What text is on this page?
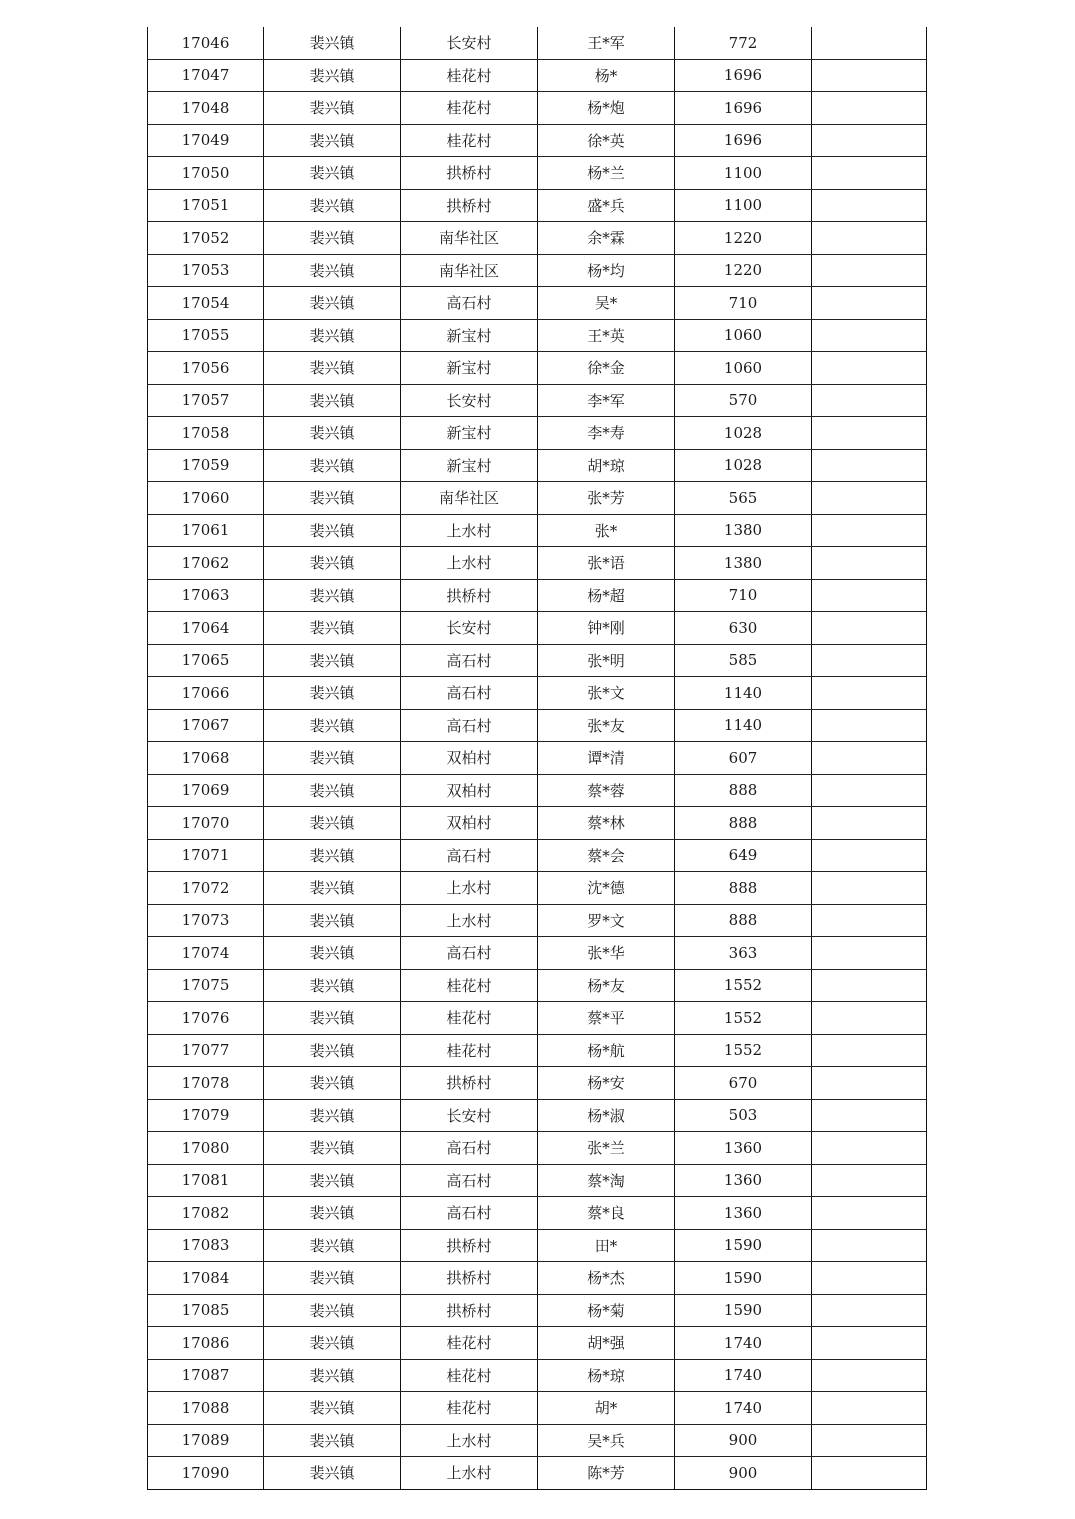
17046	裴兴镇	长安村	王*军	772	
17047	裴兴镇	桂花村	杨*	1696	
17048	裴兴镇	桂花村	杨*炮	1696	
17049	裴兴镇	桂花村	徐*英	1696	
17050	裴兴镇	拱桥村	杨*兰	1100	
17051	裴兴镇	拱桥村	盛*兵	1100	
17052	裴兴镇	南华社区	余*霖	1220	
17053	裴兴镇	南华社区	杨*均	1220	
17054	裴兴镇	高石村	吴*	710	
17055	裴兴镇	新宝村	王*英	1060	
17056	裴兴镇	新宝村	徐*金	1060	
17057	裴兴镇	长安村	李*军	570	
17058	裴兴镇	新宝村	李*寿	1028	
17059	裴兴镇	新宝村	胡*琼	1028	
17060	裴兴镇	南华社区	张*芳	565	
17061	裴兴镇	上水村	张*	1380	
17062	裴兴镇	上水村	张*语	1380	
17063	裴兴镇	拱桥村	杨*超	710	
17064	裴兴镇	长安村	钟*刚	630	
17065	裴兴镇	高石村	张*明	585	
17066	裴兴镇	高石村	张*文	1140	
17067	裴兴镇	高石村	张*友	1140	
17068	裴兴镇	双柏村	谭*清	607	
17069	裴兴镇	双柏村	蔡*蓉	888	
17070	裴兴镇	双柏村	蔡*林	888	
17071	裴兴镇	高石村	蔡*会	649	
17072	裴兴镇	上水村	沈*德	888	
17073	裴兴镇	上水村	罗*文	888	
17074	裴兴镇	高石村	张*华	363	
17075	裴兴镇	桂花村	杨*友	1552	
17076	裴兴镇	桂花村	蔡*平	1552	
17077	裴兴镇	桂花村	杨*航	1552	
17078	裴兴镇	拱桥村	杨*安	670	
17079	裴兴镇	长安村	杨*淑	503	
17080	裴兴镇	高石村	张*兰	1360	
17081	裴兴镇	高石村	蔡*淘	1360	
17082	裴兴镇	高石村	蔡*良	1360	
17083	裴兴镇	拱桥村	田*	1590	
17084	裴兴镇	拱桥村	杨*杰	1590	
17085	裴兴镇	拱桥村	杨*菊	1590	
17086	裴兴镇	桂花村	胡*强	1740	
17087	裴兴镇	桂花村	杨*琼	1740	
17088	裴兴镇	桂花村	胡*	1740	
17089	裴兴镇	上水村	吴*兵	900	
17090	裴兴镇	上水村	陈*芳	900	
